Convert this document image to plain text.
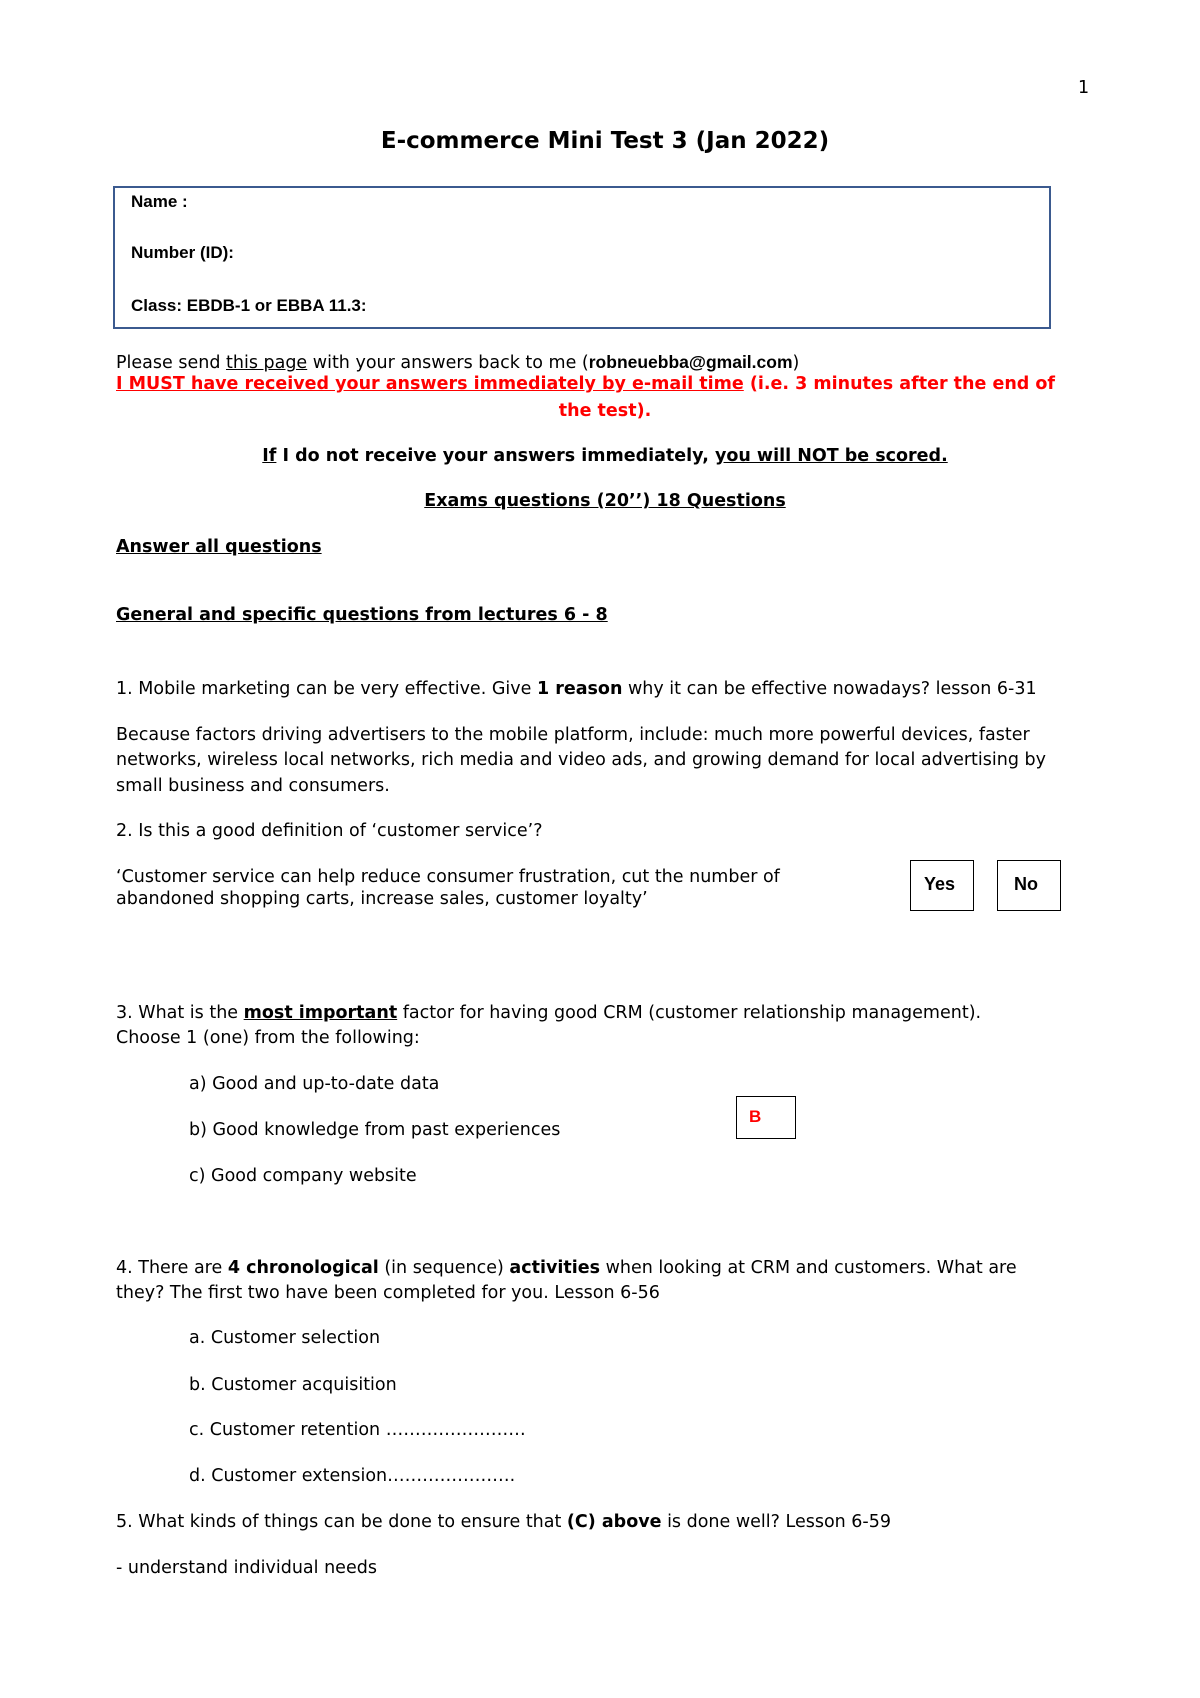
1
E-commerce Mini Test 3 (Jan 2022)
Name :
Number (ID):
Class: EBDB-1 or EBBA 11.3:
Please send this page with your answers back to me (robneuebba@gmail.com)
I MUST have received your answers immediately by e-mail time (i.e. 3 minutes after the end of
the test).
If I do not receive your answers immediately, you will NOT be scored.
Exams questions (20’’) 18 Questions
Answer all questions
General and specific questions from lectures 6 - 8
1. Mobile marketing can be very effective. Give 1 reason why it can be effective nowadays? lesson 6-31
Because factors driving advertisers to the mobile platform, include: much more powerful devices, faster
networks, wireless local networks, rich media and video ads, and growing demand for local advertising by
small business and consumers.
2. Is this a good definition of ‘customer service’?
‘Customer service can help reduce consumer frustration, cut the number of
abandoned shopping carts, increase sales, customer loyalty’
Yes	No
3. What is the most important factor for having good CRM (customer relationship management).
Choose 1 (one) from the following:
a) Good and up-to-date data
b) Good knowledge from past experiences
c) Good company website
B
4. There are 4 chronological (in sequence) activities when looking at CRM and customers. What are
they? The first two have been completed for you. Lesson 6-56
a. Customer selection
b. Customer acquisition
c. Customer retention ……………………
d. Customer extension………………….
5. What kinds of things can be done to ensure that (C) above is done well? Lesson 6-59
- understand individual needs
